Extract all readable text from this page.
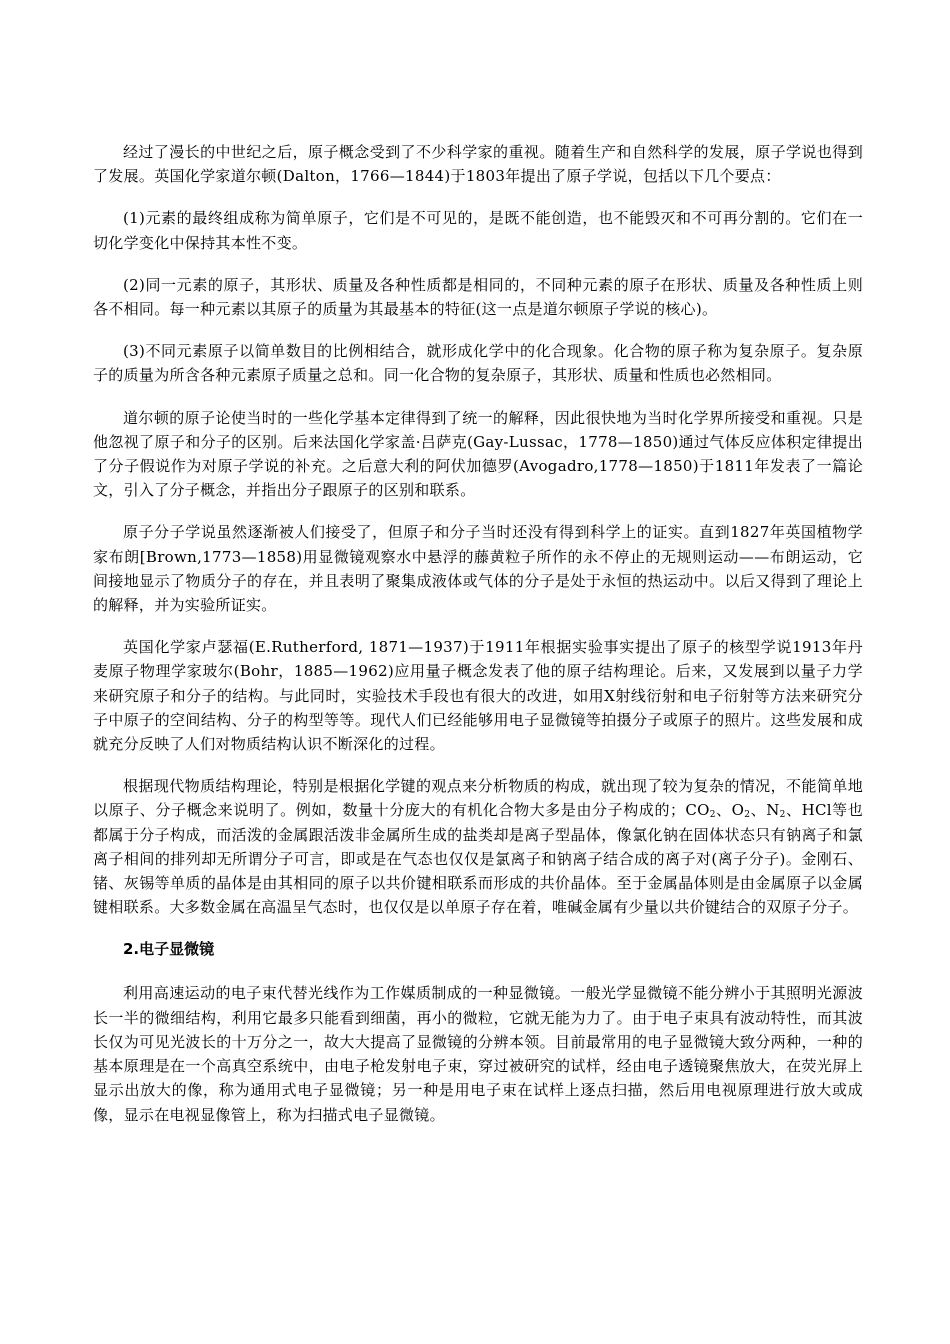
经过了漫长的中世纪之后，原子概念受到了不少科学家的重视。随着生产和自然科学的发展，原子学说也得到了发展。英国化学家道尔顿(Dalton，1766—1844)于1803年提出了原子学说，包括以下几个要点：

(1)元素的最终组成称为简单原子，它们是不可见的，是既不能创造，也不能毁灭和不可再分割的。它们在一切化学变化中保持其本性不变。

(2)同一元素的原子，其形状、质量及各种性质都是相同的，不同种元素的原子在形状、质量及各种性质上则各不相同。每一种元素以其原子的质量为其最基本的特征(这一点是道尔顿原子学说的核心)。

(3)不同元素原子以简单数目的比例相结合，就形成化学中的化合现象。化合物的原子称为复杂原子。复杂原子的质量为所含各种元素原子质量之总和。同一化合物的复杂原子，其形状、质量和性质也必然相同。

道尔顿的原子论使当时的一些化学基本定律得到了统一的解释，因此很快地为当时化学界所接受和重视。只是他忽视了原子和分子的区别。后来法国化学家盖·吕萨克(Gay-Lussac，1778—1850)通过气体反应体积定律提出了分子假说作为对原子学说的补充。之后意大利的阿伏加德罗(Avogadro,1778—1850)于1811年发表了一篇论文，引入了分子概念，并指出分子跟原子的区别和联系。

原子分子学说虽然逐渐被人们接受了，但原子和分子当时还没有得到科学上的证实。直到1827年英国植物学家布朗[Brown,1773—1858)用显微镜观察水中悬浮的藤黄粒子所作的永不停止的无规则运动——布朗运动，它间接地显示了物质分子的存在，并且表明了聚集成液体或气体的分子是处于永恒的热运动中。以后又得到了理论上的解释，并为实验所证实。

英国化学家卢瑟福(E.Rutherford, 1871—1937)于1911年根据实验事实提出了原子的核型学说1913年丹麦原子物理学家玻尔(Bohr，1885—1962)应用量子概念发表了他的原子结构理论。后来，又发展到以量子力学来研究原子和分子的结构。与此同时，实验技术手段也有很大的改进，如用X射线衍射和电子衍射等方法来研究分子中原子的空间结构、分子的构型等等。现代人们已经能够用电子显微镜等拍摄分子或原子的照片。这些发展和成就充分反映了人们对物质结构认识不断深化的过程。

根据现代物质结构理论，特别是根据化学键的观点来分析物质的构成，就出现了较为复杂的情况，不能简单地以原子、分子概念来说明了。例如，数量十分庞大的有机化合物大多是由分子构成的；$CO_2$、$O_2$、$N_2$、HCl等也都属于分子构成，而活泼的金属跟活泼非金属所生成的盐类却是离子型晶体，像氯化钠在固体状态只有钠离子和氯离子相间的排列却无所谓分子可言，即或是在气态也仅仅是氯离子和钠离子结合成的离子对(离子分子)。金刚石、锗、灰锡等单质的晶体是由其相同的原子以共价键相联系而形成的共价晶体。至于金属晶体则是由金属原子以金属键相联系。大多数金属在高温呈气态时，也仅仅是以单原子存在着，唯碱金属有少量以共价键结合的双原子分子。

2.电子显微镜

利用高速运动的电子束代替光线作为工作媒质制成的一种显微镜。一般光学显微镜不能分辨小于其照明光源波长一半的微细结构，利用它最多只能看到细菌，再小的微粒，它就无能为力了。由于电子束具有波动特性，而其波长仅为可见光波长的十万分之一，故大大提高了显微镜的分辨本领。目前最常用的电子显微镜大致分两种，一种的基本原理是在一个高真空系统中，由电子枪发射电子束，穿过被研究的试样，经由电子透镜聚焦放大，在荧光屏上显示出放大的像，称为通用式电子显微镜；另一种是用电子束在试样上逐点扫描，然后用电视原理进行放大或成像，显示在电视显像管上，称为扫描式电子显微镜。
